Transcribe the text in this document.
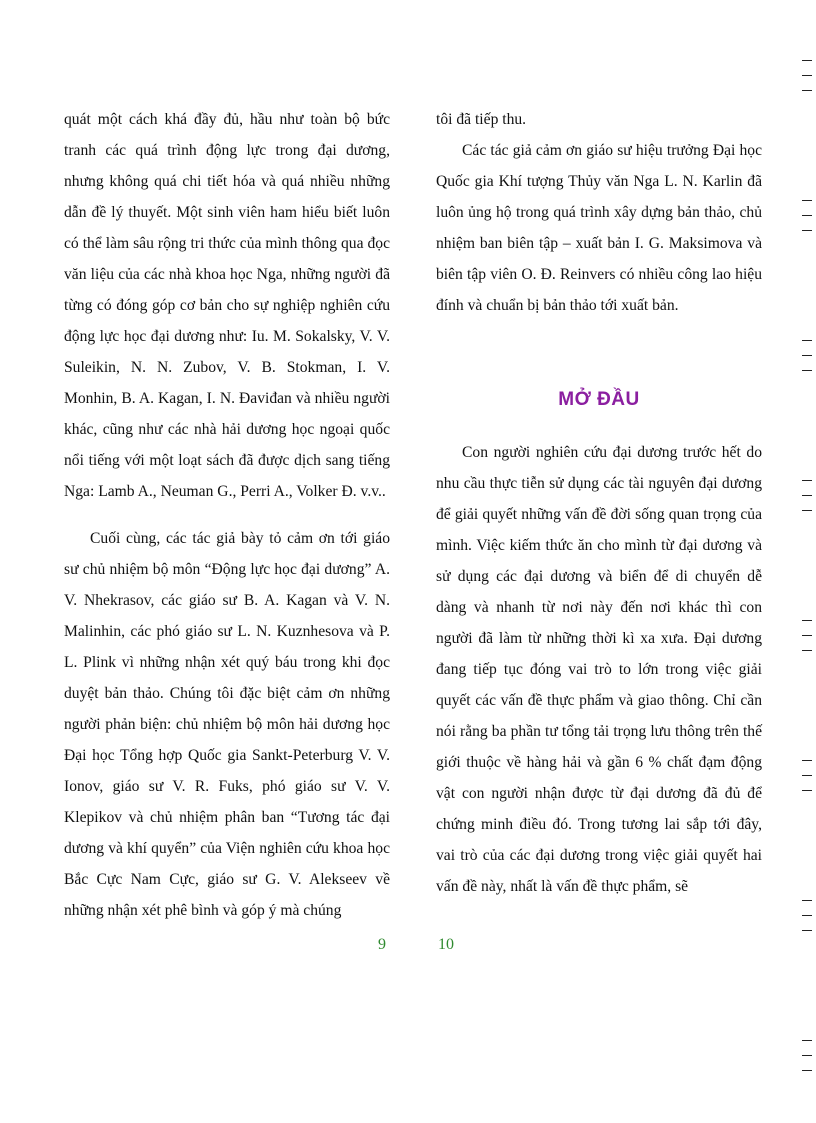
quát một cách khá đầy đủ, hầu như toàn bộ bức tranh các quá trình động lực trong đại dương, nhưng không quá chi tiết hóa và quá nhiều những dẫn đề lý thuyết. Một sinh viên ham hiểu biết luôn có thể làm sâu rộng tri thức của mình thông qua đọc văn liệu của các nhà khoa học Nga, những người đã từng có đóng góp cơ bản cho sự nghiệp nghiên cứu động lực học đại dương như: Iu. M. Sokalsky, V. V. Suleikin, N. N. Zubov, V. B. Stokman, I. V. Monhin, B. A. Kagan, I. N. Đaviđan và nhiều người khác, cũng như các nhà hải dương học ngoại quốc nổi tiếng với một loạt sách đã được dịch sang tiếng Nga: Lamb A., Neuman G., Perri A., Volker Đ. v.v..

Cuối cùng, các tác giả bày tỏ cảm ơn tới giáo sư chủ nhiệm bộ môn “Động lực học đại dương” A. V. Nhekrasov, các giáo sư B. A. Kagan và V. N. Malinhin, các phó giáo sư L. N. Kuznhesova và P. L. Plink vì những nhận xét quý báu trong khi đọc duyệt bản thảo. Chúng tôi đặc biệt cảm ơn những người phản biện: chủ nhiệm bộ môn hải dương học Đại học Tổng hợp Quốc gia Sankt-Peterburg V. V. Ionov, giáo sư V. R. Fuks, phó giáo sư V. V. Klepikov và chủ nhiệm phân ban “Tương tác đại dương và khí quyển” của Viện nghiên cứu khoa học Bắc Cực Nam Cực, giáo sư G. V. Alekseev về những nhận xét phê bình và góp ý mà chúng

tôi đã tiếp thu.

Các tác giả cảm ơn giáo sư hiệu trưởng Đại học Quốc gia Khí tượng Thủy văn Nga L. N. Karlin đã luôn ủng hộ trong quá trình xây dựng bản thảo, chủ nhiệm ban biên tập – xuất bản I. G. Maksimova và biên tập viên O. Đ. Reinvers có nhiều công lao hiệu đính và chuẩn bị bản thảo tới xuất bản.

MỞ ĐẦU

Con người nghiên cứu đại dương trước hết do nhu cầu thực tiễn sử dụng các tài nguyên đại dương để giải quyết những vấn đề đời sống quan trọng của mình. Việc kiếm thức ăn cho mình từ đại dương và sử dụng các đại dương và biển để di chuyển dễ dàng và nhanh từ nơi này đến nơi khác thì con người đã làm từ những thời kì xa xưa. Đại dương đang tiếp tục đóng vai trò to lớn trong việc giải quyết các vấn đề thực phẩm và giao thông. Chỉ cần nói rằng ba phần tư tổng tải trọng lưu thông trên thế giới thuộc về hàng hải và gần 6 % chất đạm động vật con người nhận được từ đại dương đã đủ để chứng minh điều đó. Trong tương lai sắp tới đây, vai trò của các đại dương trong việc giải quyết hai vấn đề này, nhất là vấn đề thực phẩm, sẽ

9	10
